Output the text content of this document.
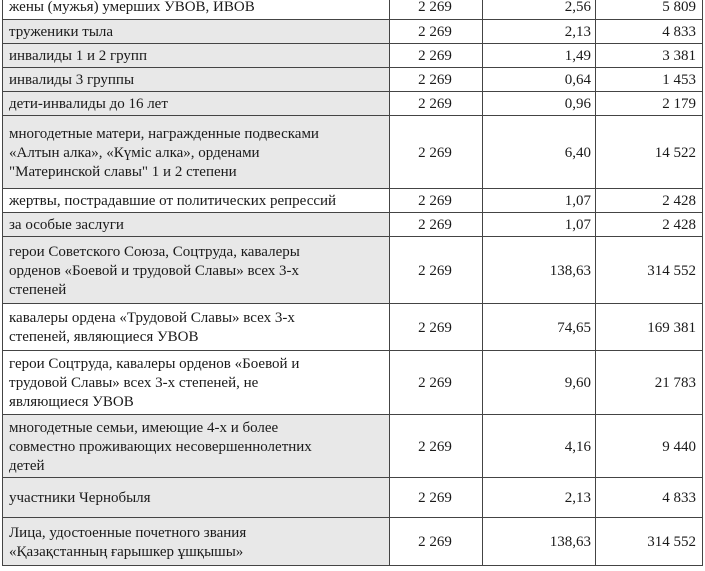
жены (мужья) умерших УВОВ, ИВОВ	2 269	2,56	5 809

труженики тыла	2 269	2,13	4 833

инвалиды 1 и 2 групп	2 269	1,49	3 381

инвалиды 3 группы	2 269	0,64	1 453

дети-инвалиды до 16 лет	2 269	0,96	2 179

многодетные матери, награжденные подвесками
«Алтын алка», «Күміс алка», орденами
"Материнской славы" 1 и 2 степени	2 269	6,40	14 522

жертвы, пострадавшие от политических репрессий	2 269	1,07	2 428

за особые заслуги	2 269	1,07	2 428

герои Советского Союза, Соцтруда, кавалеры
орденов «Боевой и трудовой Славы» всех 3-х
степеней	2 269	138,63	314 552

кавалеры ордена «Трудовой Славы» всех 3-х
степеней, являющиеся УВОВ	2 269	74,65	169 381

герои Соцтруда, кавалеры орденов «Боевой и
трудовой Славы» всех 3-х степеней, не
являющиеся УВОВ	2 269	9,60	21 783

многодетные семьи, имеющие 4-х и более
совместно проживающих несовершеннолетних
детей	2 269	4,16	9 440

участники Чернобыля	2 269	2,13	4 833

Лица, удостоенные почетного звания
«Қазақстанның ғарышкер ұшқышы»	2 269	138,63	314 552
